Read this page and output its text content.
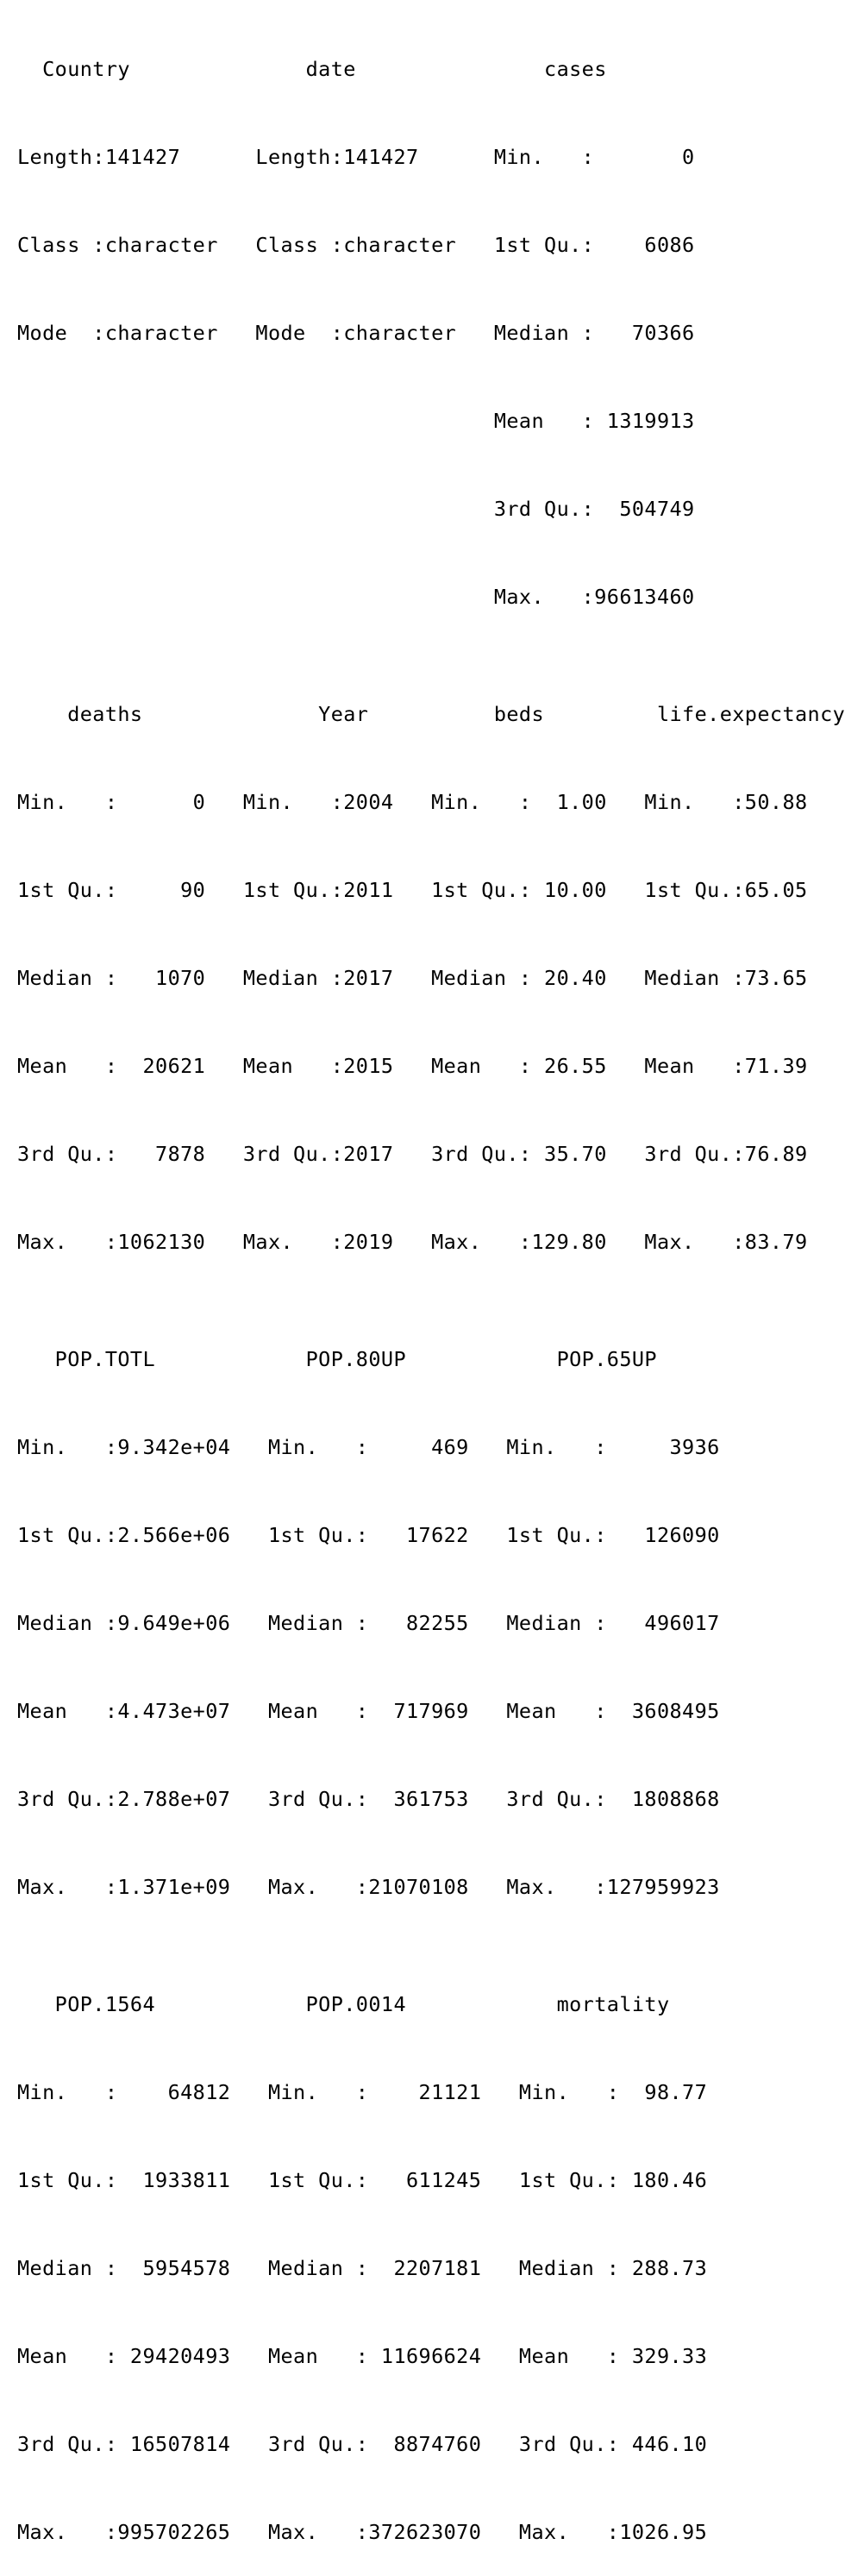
Country              date               cases

Length:141427      Length:141427      Min.   :       0

Class :character   Class :character   1st Qu.:    6086

Mode  :character   Mode  :character   Median :   70366

Mean   : 1319913

3rd Qu.:  504749

Max.   :96613460

deaths              Year          beds         life.expectancy

Min.   :      0   Min.   :2004   Min.   :  1.00   Min.   :50.88

1st Qu.:     90   1st Qu.:2011   1st Qu.: 10.00   1st Qu.:65.05

Median :   1070   Median :2017   Median : 20.40   Median :73.65

Mean   :  20621   Mean   :2015   Mean   : 26.55   Mean   :71.39

3rd Qu.:   7878   3rd Qu.:2017   3rd Qu.: 35.70   3rd Qu.:76.89

Max.   :1062130   Max.   :2019   Max.   :129.80   Max.   :83.79

POP.TOTL            POP.80UP            POP.65UP

Min.   :9.342e+04   Min.   :     469   Min.   :     3936

1st Qu.:2.566e+06   1st Qu.:   17622   1st Qu.:   126090

Median :9.649e+06   Median :   82255   Median :   496017

Mean   :4.473e+07   Mean   :  717969   Mean   :  3608495

3rd Qu.:2.788e+07   3rd Qu.:  361753   3rd Qu.:  1808868

Max.   :1.371e+09   Max.   :21070108   Max.   :127959923

POP.1564            POP.0014            mortality

Min.   :    64812   Min.   :    21121   Min.   :  98.77

1st Qu.:  1933811   1st Qu.:   611245   1st Qu.: 180.46

Median :  5954578   Median :  2207181   Median : 288.73

Mean   : 29420493   Mean   : 11696624   Mean   : 329.33

3rd Qu.: 16507814   3rd Qu.:  8874760   3rd Qu.: 446.10

Max.   :995702265   Max.   :372623070   Max.   :1026.95
